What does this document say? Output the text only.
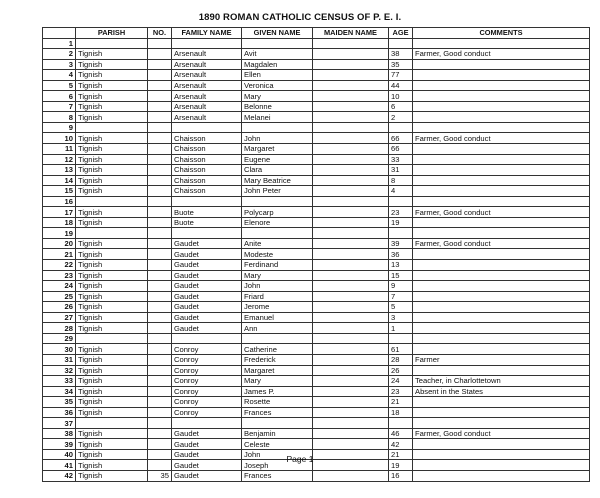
1890 ROMAN CATHOLIC CENSUS OF P. E. I.
	PARISH	NO.	FAMILY NAME	GIVEN NAME	MAIDEN NAME	AGE	COMMENTS
1							
2	Tignish		Arsenault	Avit		38	Farmer, Good conduct
3	Tignish		Arsenault	Magdalen		35	
4	Tignish		Arsenault	Ellen		77	
5	Tignish		Arsenault	Veronica		44	
6	Tignish		Arsenault	Mary		10	
7	Tignish		Arsenault	Belonne		6	
8	Tignish		Arsenault	Melanei		2	
9							
10	Tignish		Chaisson	John		66	Farmer, Good conduct
11	Tignish		Chaisson	Margaret		66	
12	Tignish		Chaisson	Eugene		33	
13	Tignish		Chaisson	Clara		31	
14	Tignish		Chaisson	Mary Beatrice		8	
15	Tignish		Chaisson	John Peter		4	
16							
17	Tignish		Buote	Polycarp		23	Farmer, Good conduct
18	Tignish		Buote	Elenore		19	
19							
20	Tignish		Gaudet	Anite		39	Farmer, Good conduct
21	Tignish		Gaudet	Modeste		36	
22	Tignish		Gaudet	Ferdinand		13	
23	Tignish		Gaudet	Mary		15	
24	Tignish		Gaudet	John		9	
25	Tignish		Gaudet	Friard		7	
26	Tignish		Gaudet	Jerome		5	
27	Tignish		Gaudet	Emanuel		3	
28	Tignish		Gaudet	Ann		1	
29							
30	Tignish		Conroy	Catherine		61	
31	Tignish		Conroy	Frederick		28	Farmer
32	Tignish		Conroy	Margaret		26	
33	Tignish		Conroy	Mary		24	Teacher, in Charlottetown
34	Tignish		Conroy	James P.		23	Absent in the States
35	Tignish		Conroy	Rosette		21	
36	Tignish		Conroy	Frances		18	
37							
38	Tignish		Gaudet	Benjamin		46	Farmer, Good conduct
39	Tignish		Gaudet	Celeste		42	
40	Tignish		Gaudet	John		21	
41	Tignish		Gaudet	Joseph		19	
42	Tignish	35	Gaudet	Frances		16	
Page 1
